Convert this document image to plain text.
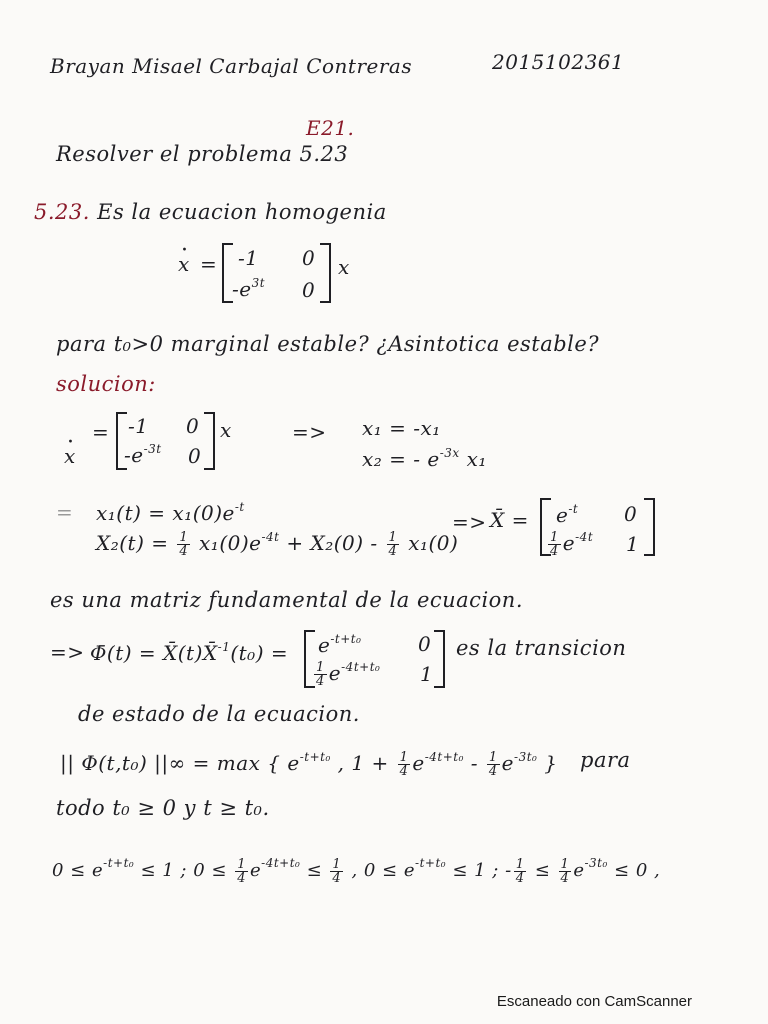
Brayan Misael Carbajal Contreras	2015102361
E21.
Resolver el problema 5.23
5.23. Es la ecuacion homogenia
· x = -1 0
$-e^{3t}$ 0
x
para t₀>0 marginal estable? ¿Asintotica estable?
solucion:
· x
= -1 0
$-e^{-3t}$ 0
x	=> x₁ = -x₁
x₂ = - $e^{-3x}$ x₁
= $x_1(t) = x_1(0)e^{-t}$
$X_2(t) = \frac{1}{4} x_1(0)e^{-4t} + X_2(0) - \frac{1}{4} x_1(0)$
=> X̄ = $e^{-t}$ 0
$\frac{1}{4} e^{-4t}$ 1
es una matriz fundamental de la ecuacion.
=> Φ̄(t) = X̄(t)X̄$^{-1}$(t₀) = $e^{-t+t_0}$	0
$\frac{1}{4} e^{-4t+t_0}$ 1
es la transicion
de estado de la ecuacion.
|| Φ(t,t₀) ||∞ = max { $e^{-t+t_0}$ , $1 + \frac{1}{4} e^{-4t+t_0} - \frac{1}{4} e^{-3t_0}$ } para
todo t₀ ≥ 0 y t ≥ t₀.
$0 \le e^{-t+t_0} \le 1$ ; $0 \le \frac{1}{4} e^{-4t+t_0} \le \frac{1}{4}$ , $0 \le e^{-t+t_0} \le 1$ ; - $\frac{1}{4} \le \frac{1}{4} e^{-3t_0} \le 0$ ,
Escaneado con CamScanner
